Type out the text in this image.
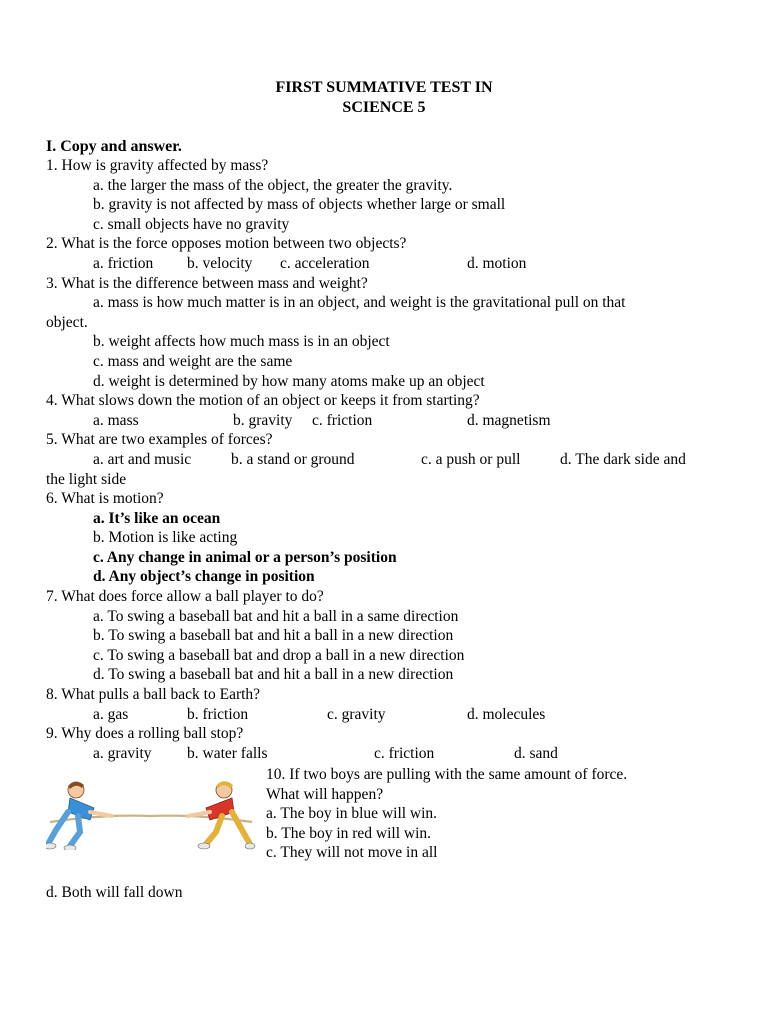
FIRST SUMMATIVE TEST IN
SCIENCE 5
I. Copy and answer.
1. How is gravity affected by mass?
a. the larger the mass of the object, the greater the gravity.
b. gravity is not affected by mass of objects whether large or small
c. small objects have no gravity
2. What is the force opposes motion between two objects?
a. friction b. velocity c. acceleration	d. motion
3. What is the difference between mass and weight?
a. mass is how much matter is in an object, and weight is the gravitational pull on that
object.
b. weight affects how much mass is in an object
c. mass and weight are the same
d. weight is determined by how many atoms make up an object
4. What slows down the motion of an object or keeps it from starting?
a. mass	b. gravity c. friction	d. magnetism
5. What are two examples of forces?
a. art and music	b. a stand or ground	c. a push or pull	d. The dark side and
the light side
6. What is motion?
a. It’s like an ocean
b. Motion is like acting
c. Any change in animal or a person’s position
d. Any object’s change in position
7. What does force allow a ball player to do?
a. To swing a baseball bat and hit a ball in a same direction
b. To swing a baseball bat and hit a ball in a new direction
c. To swing a baseball bat and drop a ball in a new direction
d. To swing a baseball bat and hit a ball in a new direction
8. What pulls a ball back to Earth?
a. gas	b. friction	c. gravity	d. molecules
9. Why does a rolling ball stop?
a. gravity b. water falls	c. friction	d. sand
10. If two boys are pulling with the same amount of force.
What will happen?
a. The boy in blue will win.
b. The boy in red will win.
c. They will not move in all
d. Both will fall down
